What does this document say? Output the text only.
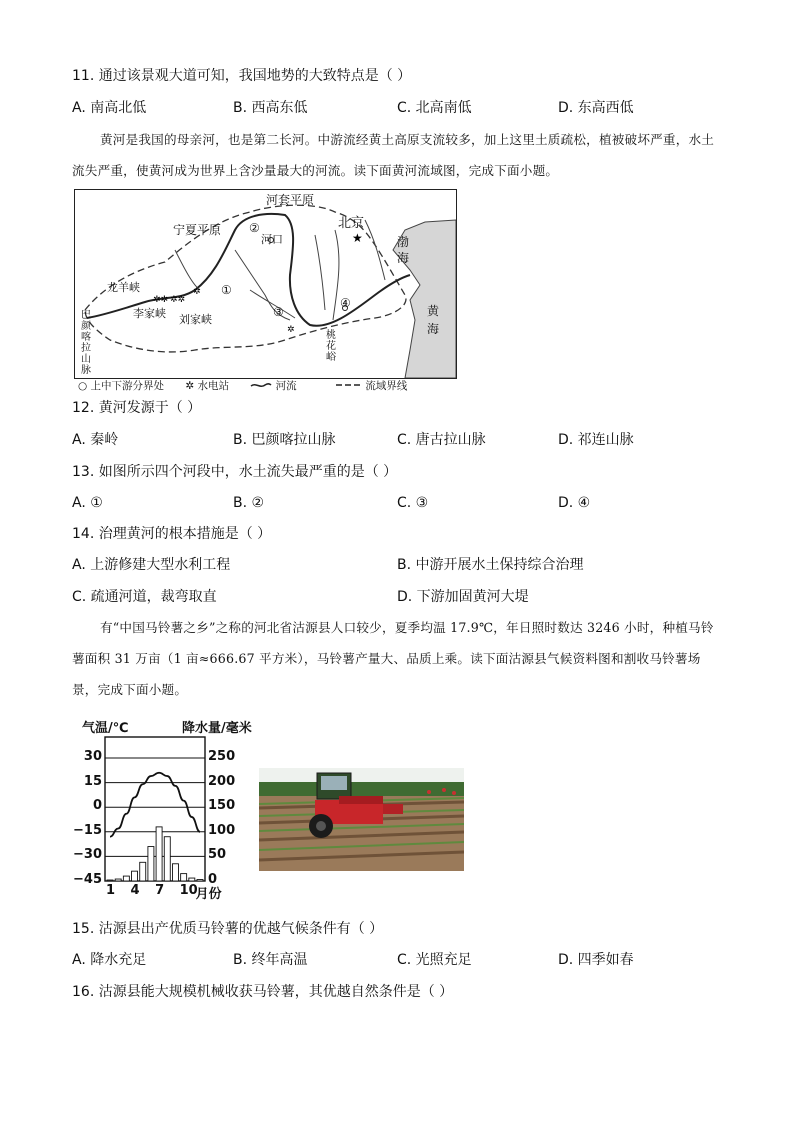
11. 通过该景观大道可知，我国地势的大致特点是（ ）
A. 南高北低	B. 西高东低	C. 北高南低	D. 东高西低
黄河是我国的母亲河，也是第二长河。中游流经黄土高原支流较多，加上这里土质疏松，植被破坏严重，水土流失严重，使黄河成为世界上含沙量最大的河流。读下面黄河流域图，完成下面小题。
✲✲ ✲✲
✲
✲
★
河套平原
宁夏平原
河口
北京
渤
海
黄
海
龙羊峡
李家峡 刘家峡
巴
颜
喀
拉
山
脉
桃
花
峪
①
②
③
④
○ 上中下游分界处 ✲ 水电站	河流	流域界线
12. 黄河发源于（ ）
A. 秦岭	B. 巴颜喀拉山脉	C. 唐古拉山脉	D. 祁连山脉
13. 如图所示四个河段中，水土流失最严重的是（ ）
A. ①	B. ②	C. ③	D. ④
14. 治理黄河的根本措施是（ ）
A. 上游修建大型水利工程	B. 中游开展水土保持综合治理
C. 疏通河道，裁弯取直	D. 下游加固黄河大堤
有“中国马铃薯之乡”之称的河北省沽源县人口较少，夏季均温 17.9℃，年日照时数达 3246 小时，种植马铃薯面积 31 万亩（1 亩≈666.67 平方米），马铃薯产量大、品质上乘。读下面沽源县气候资料图和割收马铃薯场景，完成下面小题。
气温/℃	降水量/毫米
30
15
0
−15
−30
−45
250
200
150
100
50
0
1 4 7 10
月份
15. 沽源县出产优质马铃薯的优越气候条件有（ ）
A. 降水充足	B. 终年高温	C. 光照充足	D. 四季如春
16. 沽源县能大规模机械收获马铃薯，其优越自然条件是（ ）
